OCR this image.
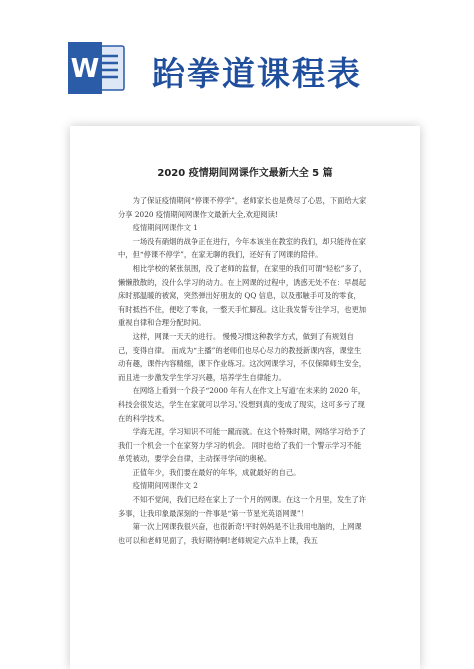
W 跆拳道课程表
2020 疫情期间网课作文最新大全 5 篇

为了保证疫情期间“停课不停学”，老师家长也是费尽了心思，下面给大家分享 2020 疫情期间网课作文最新大全,欢迎阅读!

疫情期间网课作文 1

一场没有硝烟的战争正在进行，今年本该坐在教室的我们，却只能待在家中，但“停课不停学”，在家无聊的我们，还好有了网课的陪伴。

相比学校的紧张氛围，没了老师的监督，在家里的我们可谓“轻松”多了，懒懒散散的，没什么学习的动力。在上网课的过程中，诱惑无处不在：早晨起床时那温暖的被窝，突然弹出好朋友的 QQ 信息，以及那触手可及的零食，有时抵挡不住，便吃了零食，一整天手忙脚乱。这让我发誓专注学习，也更加重视自律和合理分配时间。

这样，网课一天天的进行。 慢慢习惯这种教学方式，做到了有规划自己，变得自律。 而成为“主播”的老师们也尽心尽力的教授新课内容，课堂生动有趣，课件内容精细，课下作业练习。这次网课学习，不仅保障师生安全，而且进一步激发学生学习兴趣，培养学生自律能力。

在网络上看到一个段子“2000 年有人在作文上写道‘在未来的 2020 年，科技会很发达，学生在家就可以学习。’没想到真的变成了现实，这可多亏了现在的科学技术。

学海无涯，学习知识不可能一蹴而就。在这个特殊时期，网络学习给予了我们一个机会一个在家努力学习的机会。 同时也给了我们一个警示学习不能单凭被动，要学会自律，主动探寻学问的奥秘。

正值年少，我们要在最好的年华，成就最好的自己。

疫情期间网课作文 2

不知不觉间，我们已经在家上了一个月的网课。在这一个月里，发生了许多事，让我印象最深刻的一件事是“第一节星光英语网课”！

第一次上网课我很兴奋，也很新奇!平时妈妈是不让我用电脑的，上网课也可以和老师见面了，我好期待啊!老师规定六点半上课，我五
